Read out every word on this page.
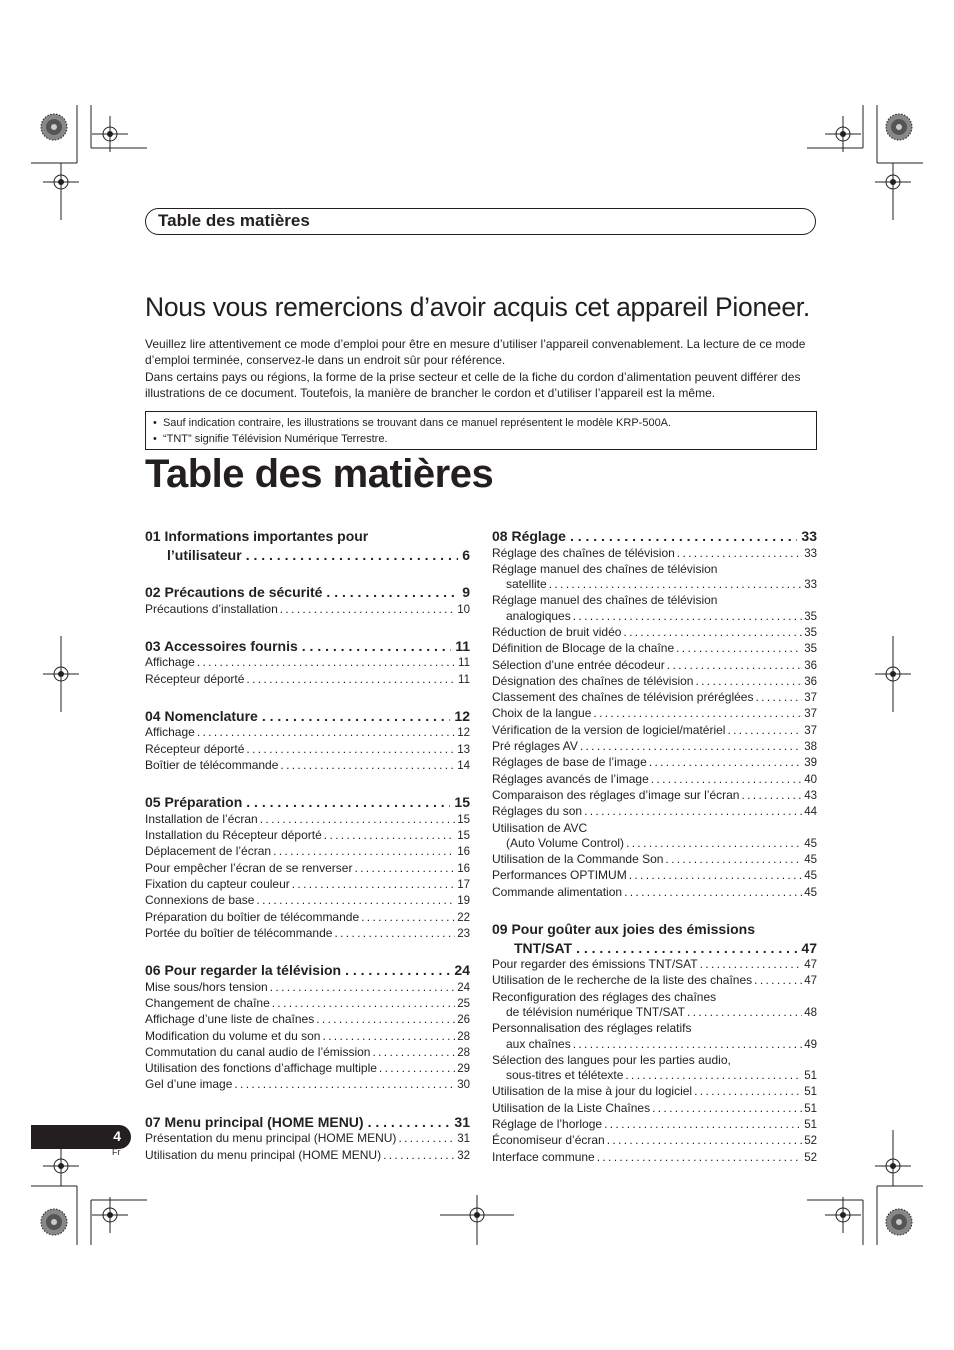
Table des matières
Nous vous remercions d’avoir acquis cet appareil Pioneer.

Veuillez lire attentivement ce mode d’emploi pour être en mesure d’utiliser l’appareil convenablement. La lecture de ce mode d’emploi terminée, conservez-le dans un endroit sûr pour référence.

Dans certains pays ou régions, la forme de la prise secteur et celle de la fiche du cordon d’alimentation peuvent différer des illustrations de ce document. Toutefois, la manière de brancher le cordon et d’utiliser l’appareil est la même.

•  Sauf indication contraire, les illustrations se trouvant dans ce manuel représentent le modèle KRP-500A.
•  “TNT” signifie Télévision Numérique Terrestre.
Table des matières
01 Informations importantes pour
l’utilisateur . . .	6
02 Précautions de sécurité . . .	9
Précautions d’installation . . .	10
03 Accessoires fournis . . .	11
Affichage . . .	11
Récepteur déporté . . .	11
04 Nomenclature . . .	12
Affichage . . .	12
Récepteur déporté . . .	13
Boîtier de télécommande . . .	14
05 Préparation . . .	15
Installation de l’écran . . .	15
Installation du Récepteur déporté . . .	15
Déplacement de l’écran . . .	16
Pour empêcher l’écran de se renverser . . .	16
Fixation du capteur couleur . . .	17
Connexions de base . . .	19
Préparation du boîtier de télécommande . . .	22
Portée du boîtier de télécommande . . .	23
06 Pour regarder la télévision . . .	24
Mise sous/hors tension . . .	24
Changement de chaîne . . .	25
Affichage d’une liste de chaînes . . .	26
Modification du volume et du son . . .	28
Commutation du canal audio de l’émission . . .	28
Utilisation des fonctions d’affichage multiple . . .	29
Gel d’une image . . .	30
07 Menu principal (HOME MENU) . . .	31
Présentation du menu principal (HOME MENU) . . .	31
Utilisation du menu principal (HOME MENU) . . .	32
08 Réglage . . .	33
Réglage des chaînes de télévision . . .	33
Réglage manuel des chaînes de télévision
satellite . . .	33
Réglage manuel des chaînes de télévision
analogiques . . .	35
Réduction de bruit vidéo . . .	35
Définition de Blocage de la chaîne . . .	35
Sélection d’une entrée décodeur . . .	36
Désignation des chaînes de télévision . . .	36
Classement des chaînes de télévision préréglées . . .	37
Choix de la langue . . .	37
Vérification de la version de logiciel/matériel . . .	37
Pré réglages AV . . .	38
Réglages de base de l’image . . .	39
Réglages avancés de l’image . . .	40
Comparaison des réglages d’image sur l’écran . . .	43
Réglages du son . . .	44
Utilisation de AVC
(Auto Volume Control) . . .	45
Utilisation de la Commande Son . . .	45
Performances OPTIMUM . . .	45
Commande alimentation . . .	45
09 Pour goûter aux joies des émissions
TNT/SAT . . .	47
Pour regarder des émissions TNT/SAT . . .	47
Utilisation de le recherche de la liste des chaînes . . .	47
Reconfiguration des réglages des chaînes
de télévision numérique TNT/SAT . . .	48
Personnalisation des réglages relatifs
aux chaînes . . .	49
Sélection des langues pour les parties audio,
sous-titres et télétexte . . .	51
Utilisation de la mise à jour du logiciel . . .	51
Utilisation de la Liste Chaînes . . .	51
Réglage de l’horloge . . .	51
Économiseur d’écran . . .	52
Interface commune . . .	52
4
Fr
